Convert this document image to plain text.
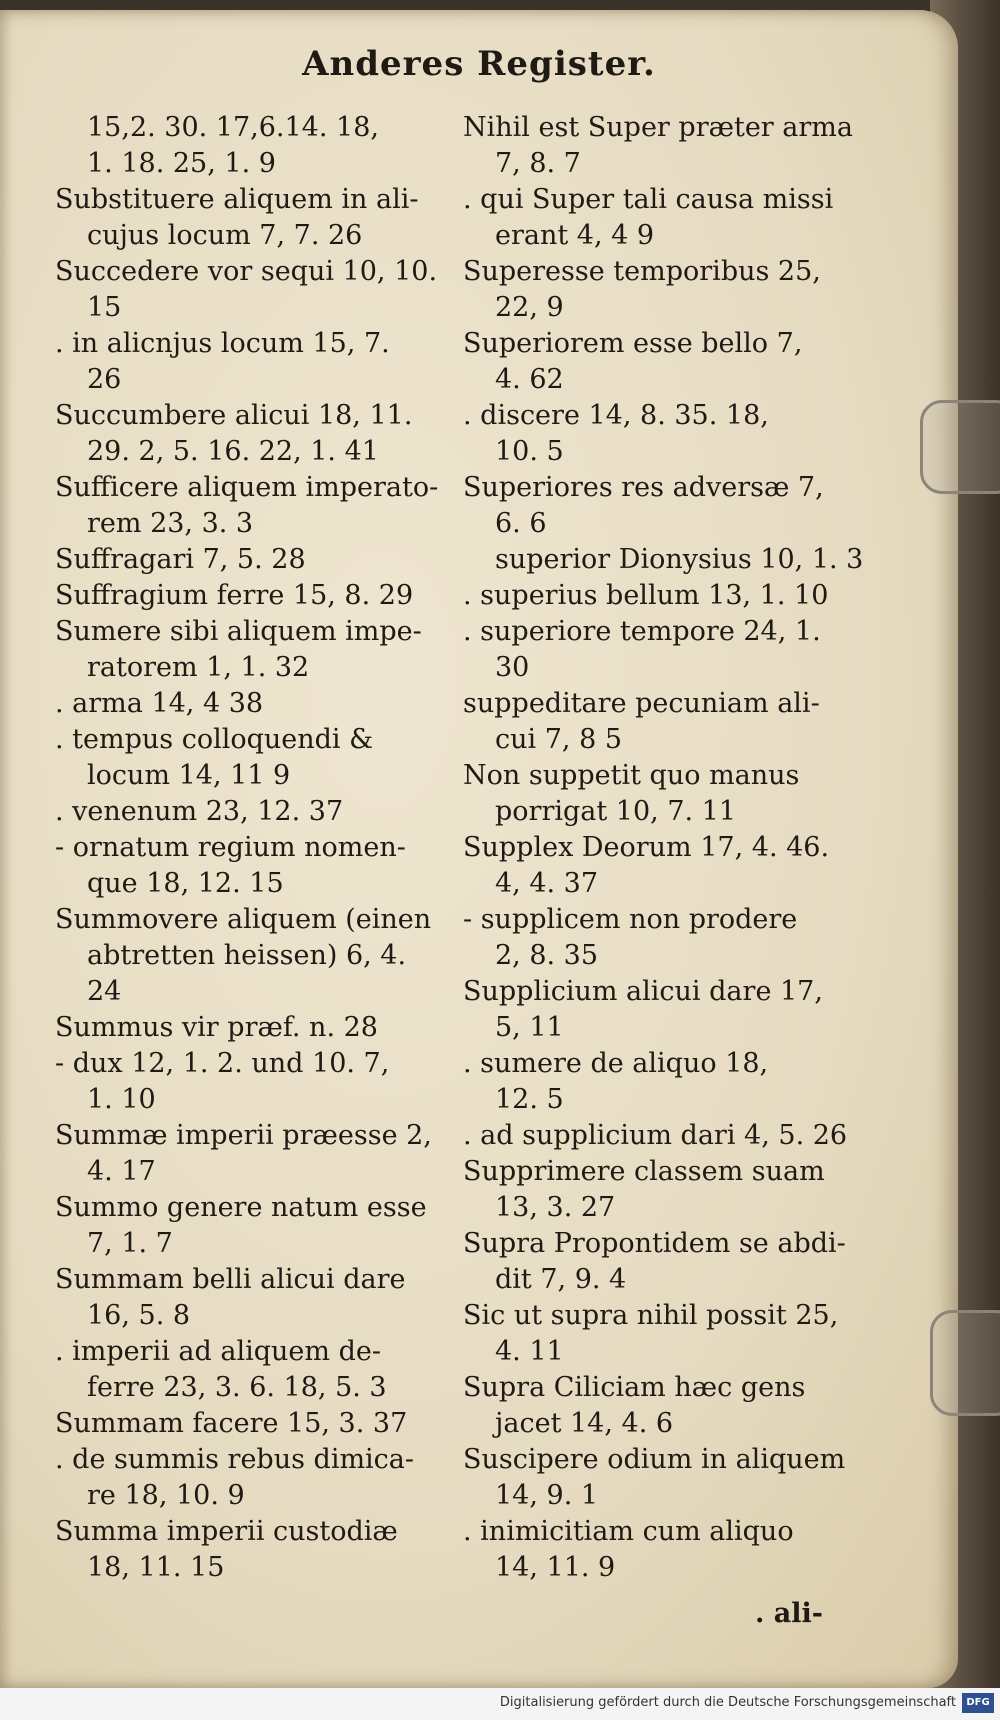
Anderes Register.
15,2. 30. 17,6.14. 18,
1. 18. 25, 1. 9
Substituere aliquem in ali-
cujus locum 7, 7. 26
Succedere vor sequi 10, 10.
15
. in alicnjus locum 15, 7.
26
Succumbere alicui 18, 11.
29. 2, 5. 16. 22, 1. 41
Sufficere aliquem imperato-
rem 23, 3. 3
Suffragari 7, 5. 28
Suffragium ferre 15, 8. 29
Sumere sibi aliquem impe-
ratorem 1, 1. 32
. arma 14, 4 38
. tempus colloquendi &
locum 14, 11 9
. venenum 23, 12. 37
- ornatum regium nomen-
que 18, 12. 15
Summovere aliquem (einen
abtretten heissen) 6, 4.
24
Summus vir præf. n. 28
- dux 12, 1. 2. und 10. 7,
1. 10
Summæ imperii præesse 2,
4. 17
Summo genere natum esse
7, 1. 7
Summam belli alicui dare
16, 5. 8
. imperii ad aliquem de-
ferre 23, 3. 6. 18, 5. 3
Summam facere 15, 3. 37
. de summis rebus dimica-
re 18, 10. 9
Summa imperii custodiæ
18, 11. 15
Nihil est Super præter arma
7, 8. 7
. qui Super tali causa missi
erant 4, 4 9
Superesse temporibus 25,
22, 9
Superiorem esse bello 7,
4. 62
. discere 14, 8. 35. 18,
10. 5
Superiores res adversæ 7,
6. 6
superior Dionysius 10, 1. 3
. superius bellum 13, 1. 10
. superiore tempore 24, 1.
30
suppeditare pecuniam ali-
cui 7, 8 5
Non suppetit quo manus
porrigat 10, 7. 11
Supplex Deorum 17, 4. 46.
4, 4. 37
- supplicem non prodere
2, 8. 35
Supplicium alicui dare 17,
5, 11
. sumere de aliquo 18,
12. 5
. ad supplicium dari 4, 5. 26
Supprimere classem suam
13, 3. 27
Supra Propontidem se abdi-
dit 7, 9. 4
Sic ut supra nihil possit 25,
4. 11
Supra Ciliciam hæc gens
jacet 14, 4. 6
Suscipere odium in aliquem
14, 9. 1
. inimicitiam cum aliquo
14, 11. 9
. ali-
Digitalisierung gefördert durch die Deutsche Forschungsgemeinschaft	DFG
